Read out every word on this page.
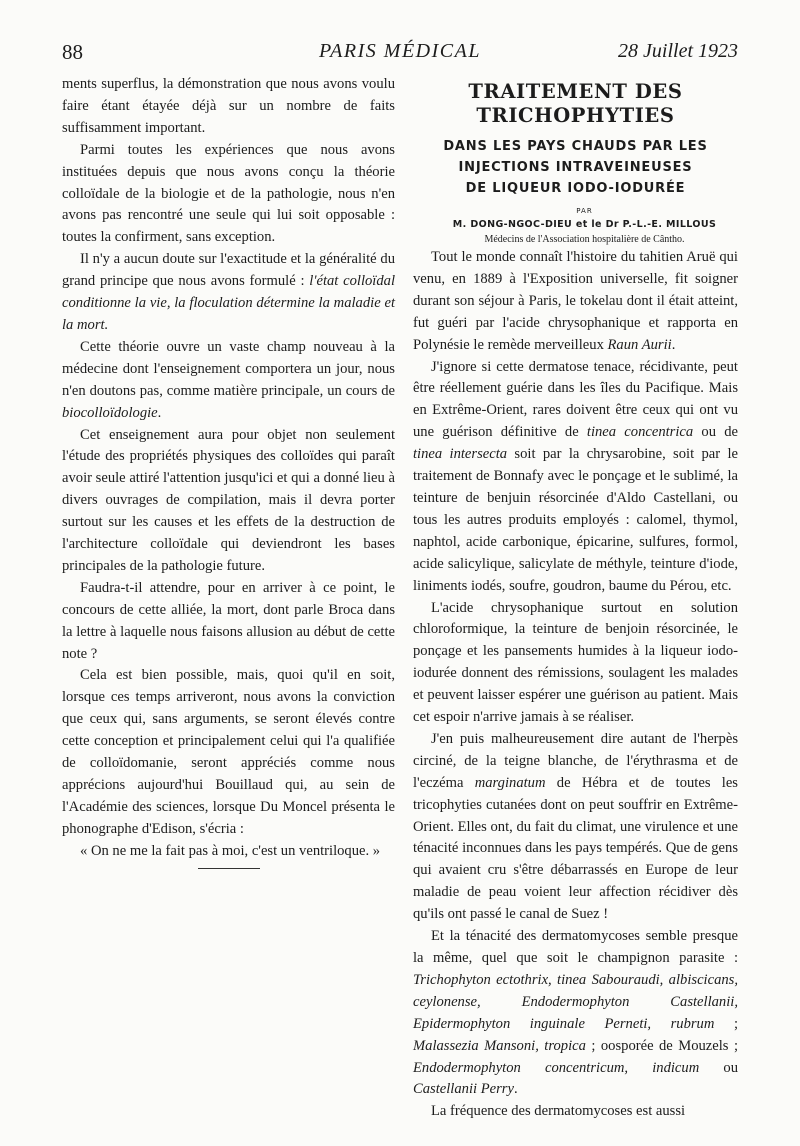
88	PARIS MÉDICAL	28 Juillet 1923

ments superflus, la démonstration que nous avons voulu faire étant étayée déjà sur un nombre de faits suffisamment important.

Parmi toutes les expériences que nous avons instituées depuis que nous avons conçu la théorie colloïdale de la biologie et de la pathologie, nous n'en avons pas rencontré une seule qui lui soit opposable : toutes la confirment, sans exception.

Il n'y a aucun doute sur l'exactitude et la généralité du grand principe que nous avons formulé : l'état colloïdal conditionne la vie, la floculation détermine la maladie et la mort.

Cette théorie ouvre un vaste champ nouveau à la médecine dont l'enseignement comportera un jour, nous n'en doutons pas, comme matière principale, un cours de biocolloïdologie.

Cet enseignement aura pour objet non seulement l'étude des propriétés physiques des colloïdes qui paraît avoir seule attiré l'attention jusqu'ici et qui a donné lieu à divers ouvrages de compilation, mais il devra porter surtout sur les causes et les effets de la destruction de l'architecture colloïdale qui deviendront les bases principales de la pathologie future.

Faudra-t-il attendre, pour en arriver à ce point, le concours de cette alliée, la mort, dont parle Broca dans la lettre à laquelle nous faisons allusion au début de cette note ?

Cela est bien possible, mais, quoi qu'il en soit, lorsque ces temps arriveront, nous avons la conviction que ceux qui, sans arguments, se seront élevés contre cette conception et principalement celui qui l'a qualifiée de colloïdomanie, seront appréciés comme nous apprécions aujourd'hui Bouillaud qui, au sein de l'Académie des sciences, lorsque Du Moncel présenta le phonographe d'Edison, s'écria :

« On ne me la fait pas à moi, c'est un ventriloque. »

TRAITEMENT DES
TRICHOPHYTIES
DANS LES PAYS CHAUDS PAR LES
INJECTIONS INTRAVEINEUSES
DE LIQUEUR IODO-IODURÉE

PAR

M. DONG-NGOC-DIEU et le Dr P.-L.-E. MILLOUS

Médecins de l'Association hospitalière de Cântho.

Tout le monde connaît l'histoire du tahitien Aruë qui venu, en 1889 à l'Exposition universelle, fit soigner durant son séjour à Paris, le tokelau dont il était atteint, fut guéri par l'acide chrysophanique et rapporta en Polynésie le remède merveilleux Raun Aurii.

J'ignore si cette dermatose tenace, récidivante, peut être réellement guérie dans les îles du Pacifique. Mais en Extrême-Orient, rares doivent être ceux qui ont vu une guérison définitive de tinea concentrica ou de tinea intersecta soit par la chrysarobine, soit par le traitement de Bonnafy avec le ponçage et le sublimé, la teinture de benjuin résorcinée d'Aldo Castellani, ou tous les autres produits employés : calomel, thymol, naphtol, acide carbonique, épicarine, sulfures, formol, acide salicylique, salicylate de méthyle, teinture d'iode, liniments iodés, soufre, goudron, baume du Pérou, etc.

L'acide chrysophanique surtout en solution chloroformique, la teinture de benjoin résorcinée, le ponçage et les pansements humides à la liqueur iodo-iodurée donnent des rémissions, soulagent les malades et peuvent laisser espérer une guérison au patient. Mais cet espoir n'arrive jamais à se réaliser.

J'en puis malheureusement dire autant de l'herpès circiné, de la teigne blanche, de l'érythrasma et de l'eczéma marginatum de Hébra et de toutes les tricophyties cutanées dont on peut souffrir en Extrême-Orient. Elles ont, du fait du climat, une virulence et une ténacité inconnues dans les pays tempérés. Que de gens qui avaient cru s'être débarrassés en Europe de leur maladie de peau voient leur affection récidiver dès qu'ils ont passé le canal de Suez !

Et la ténacité des dermatomycoses semble presque la même, quel que soit le champignon parasite : Trichophyton ectothrix, tinea Sabouraudi, albiscicans, ceylonense, Endodermophyton Castellanii, Epidermophyton inguinale Perneti, rubrum ; Malassezia Mansoni, tropica ; oosporée de Mouzels ; Endodermophyton concentricum, indicum ou Castellanii Perry.

La fréquence des dermatomycoses est aussi
